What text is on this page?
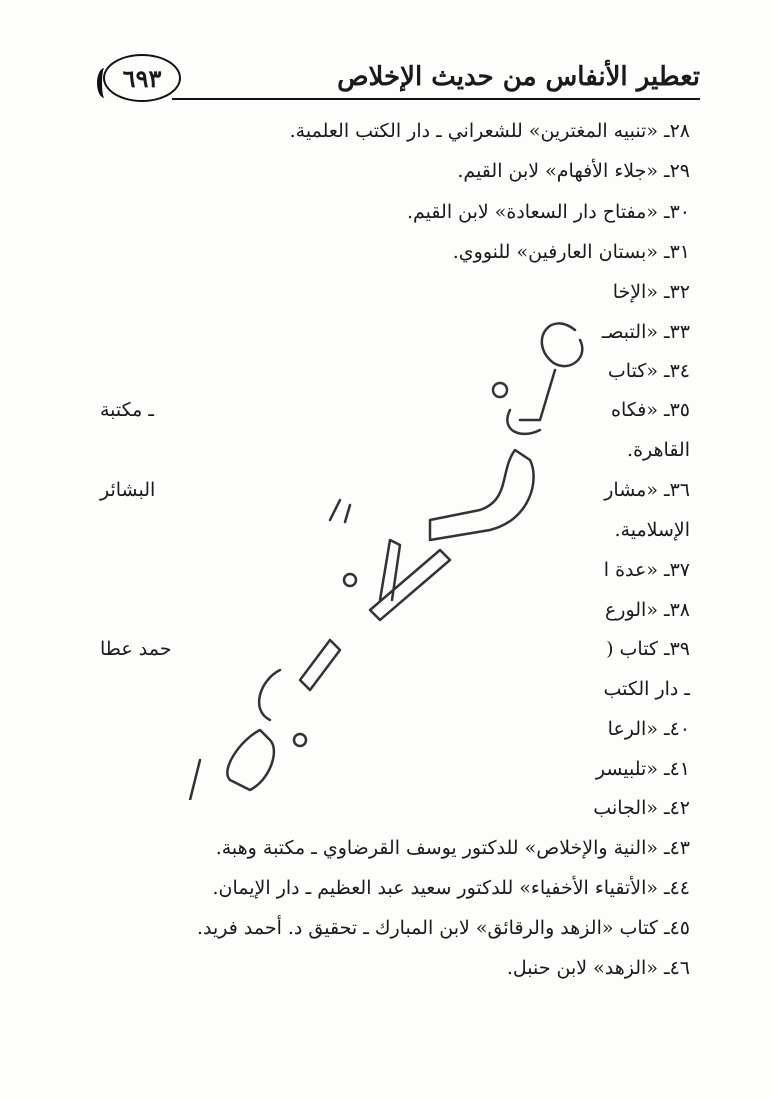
٦٩٣	تعطير الأنفاس من حديث الإخلاص
٢٨ـ «تنبيه المغترين» للشعراني ـ دار الكتب العلمية.
٢٩ـ «جلاء الأفهام» لابن القيم.
٣٠ـ «مفتاح دار السعادة» لابن القيم.
٣١ـ «بستان العارفين» للنووي.
٣٢ـ «الإخا
٣٣ـ «التبصـ
٣٤ـ «كتاب
٣٥ـ «فكاه
القاهرة.
٣٦ـ «مشار
الإسلامية.
٣٧ـ «عدة ا
٣٨ـ «الورع
٣٩ـ كتاب (
ـ دار الكتب
٤٠ـ «الرعا
٤١ـ «تلبيسر
٤٢ـ «الجانب
٤٣ـ «النية والإخلاص» للدكتور يوسف القرضاوي ـ مكتبة وهبة.
٤٤ـ «الأتقياء الأخفياء» للدكتور سعيد عبد العظيم ـ دار الإيمان.
٤٥ـ كتاب «الزهد والرقائق» لابن المبارك ـ تحقيق د. أحمد فريد.
٤٦ـ «الزهد» لابن حنبل.
ـ مكتبة
البشائر
حمد عطا
